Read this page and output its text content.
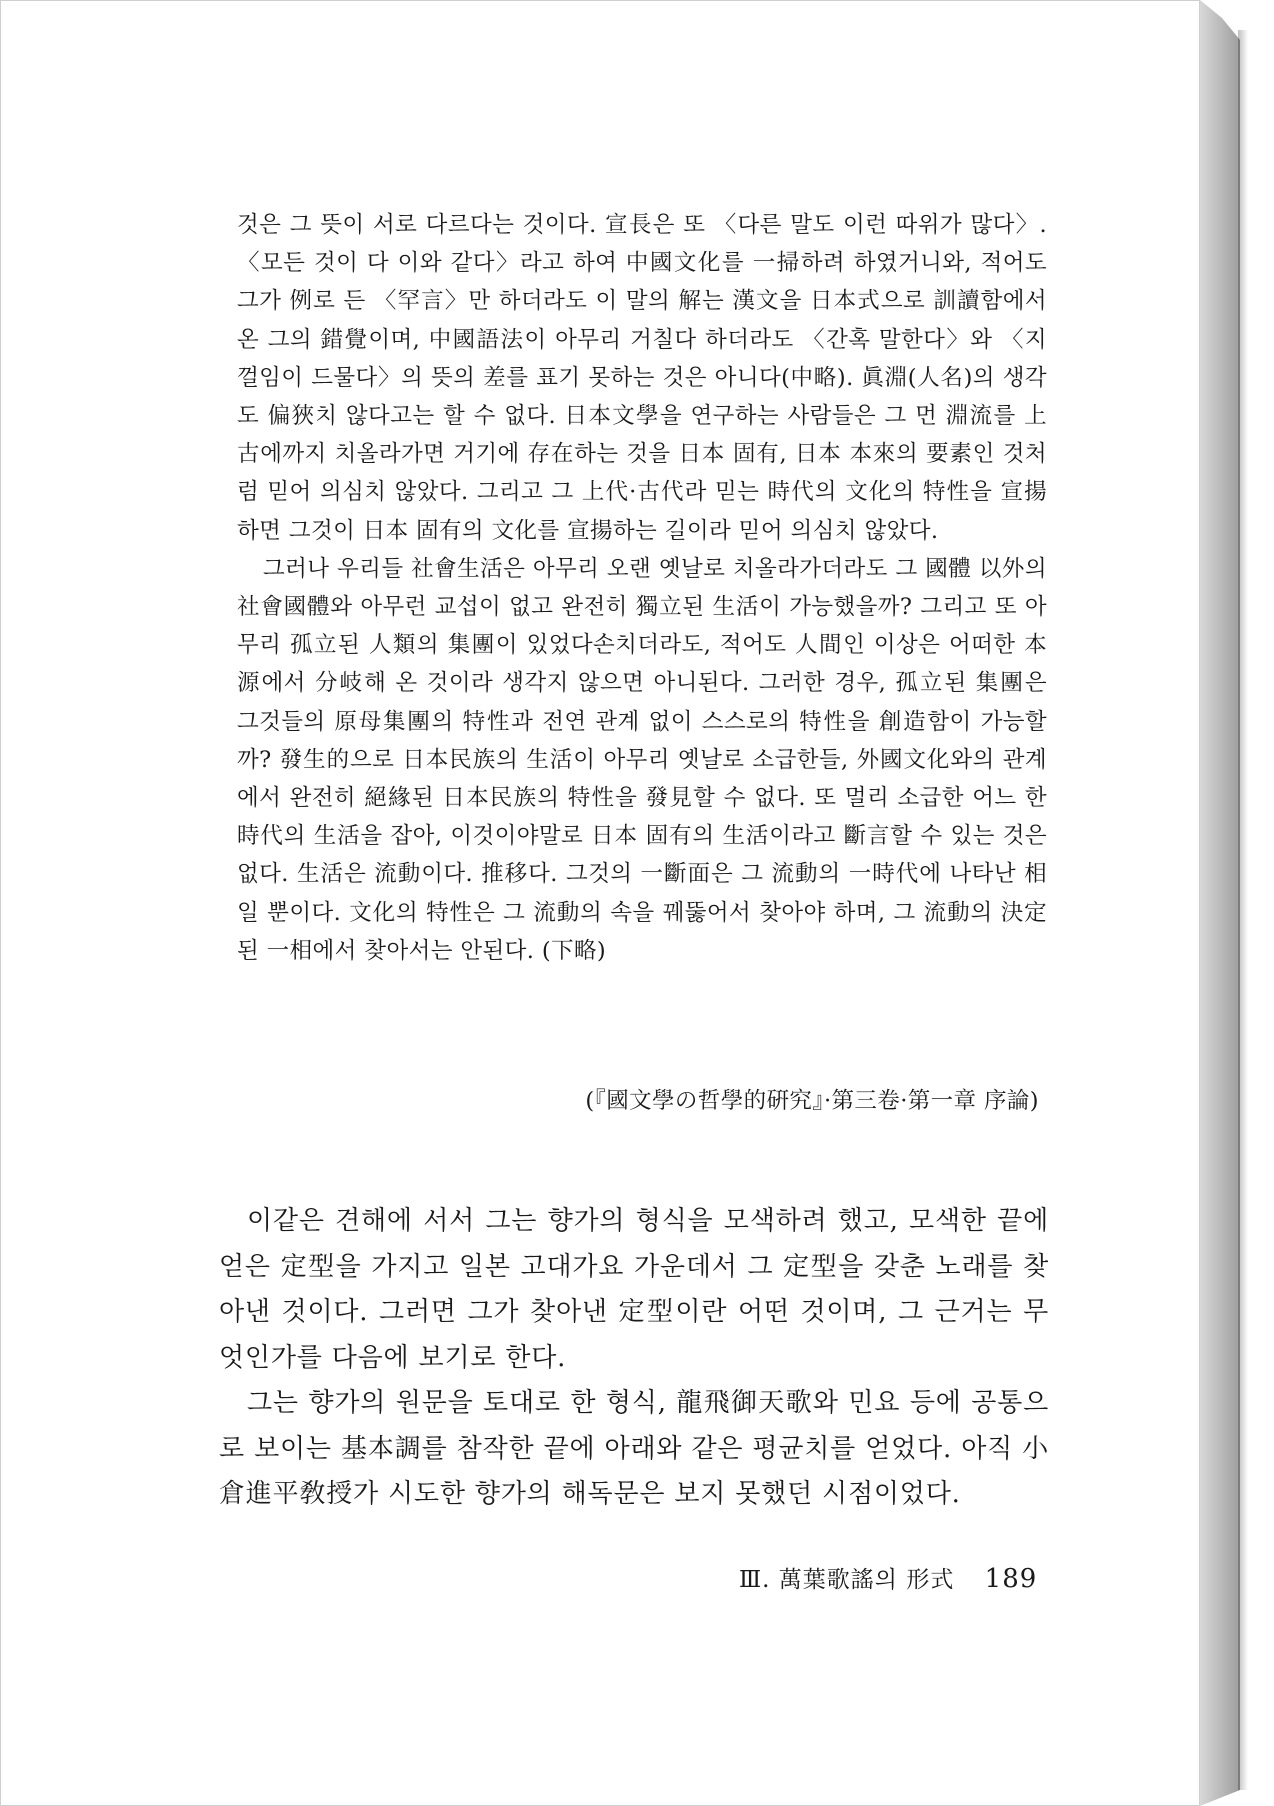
것은 그 뜻이 서로 다르다는 것이다. 宣長은 또 〈다른 말도 이런 따위가 많다〉. 〈모든 것이 다 이와 같다〉라고 하여 中國文化를 一掃하려 하였거니와, 적어도 그가 例로 든 〈罕言〉만 하더라도 이 말의 解는 漢文을 日本式으로 訓讀함에서 온 그의 錯覺이며, 中國語法이 아무리 거칠다 하더라도 〈간혹 말한다〉와 〈지껄임이 드물다〉의 뜻의 差를 표기 못하는 것은 아니다(中略). 眞淵(人名)의 생각도 偏狹치 않다고는 할 수 없다. 日本文學을 연구하는 사람들은 그 먼 淵流를 上古에까지 치올라가면 거기에 存在하는 것을 日本 固有, 日本 本來의 要素인 것처럼 믿어 의심치 않았다. 그리고 그 上代·古代라 믿는 時代의 文化의 特性을 宣揚하면 그것이 日本 固有의 文化를 宣揚하는 길이라 믿어 의심치 않았다.

그러나 우리들 社會生活은 아무리 오랜 옛날로 치올라가더라도 그 國體 以外의 社會國體와 아무런 교섭이 없고 완전히 獨立된 生活이 가능했을까? 그리고 또 아무리 孤立된 人類의 集團이 있었다손치더라도, 적어도 人間인 이상은 어떠한 本源에서 分岐해 온 것이라 생각지 않으면 아니된다. 그러한 경우, 孤立된 集團은 그것들의 原母集團의 特性과 전연 관계 없이 스스로의 特性을 創造함이 가능할까? 發生的으로 日本民族의 生活이 아무리 옛날로 소급한들, 外國文化와의 관계에서 완전히 絕緣된 日本民族의 特性을 發見할 수 없다. 또 멀리 소급한 어느 한 時代의 生活을 잡아, 이것이야말로 日本 固有의 生活이라고 斷言할 수 있는 것은 없다. 生活은 流動이다. 推移다. 그것의 一斷面은 그 流動의 一時代에 나타난 相일 뿐이다. 文化의 特性은 그 流動의 속을 꿰뚫어서 찾아야 하며, 그 流動의 決定된 一相에서 찾아서는 안된다. (下略)

(『國文學の哲學的硏究』·第三卷·第一章 序論)

이같은 견해에 서서 그는 향가의 형식을 모색하려 했고, 모색한 끝에 얻은 定型을 가지고 일본 고대가요 가운데서 그 定型을 갖춘 노래를 찾아낸 것이다. 그러면 그가 찾아낸 定型이란 어떤 것이며, 그 근거는 무엇인가를 다음에 보기로 한다.

그는 향가의 원문을 토대로 한 형식, 龍飛御天歌와 민요 등에 공통으로 보이는 基本調를 참작한 끝에 아래와 같은 평균치를 얻었다. 아직 小倉進平敎授가 시도한 향가의 해독문은 보지 못했던 시점이었다.

Ⅲ. 萬葉歌謠의 形式 189
